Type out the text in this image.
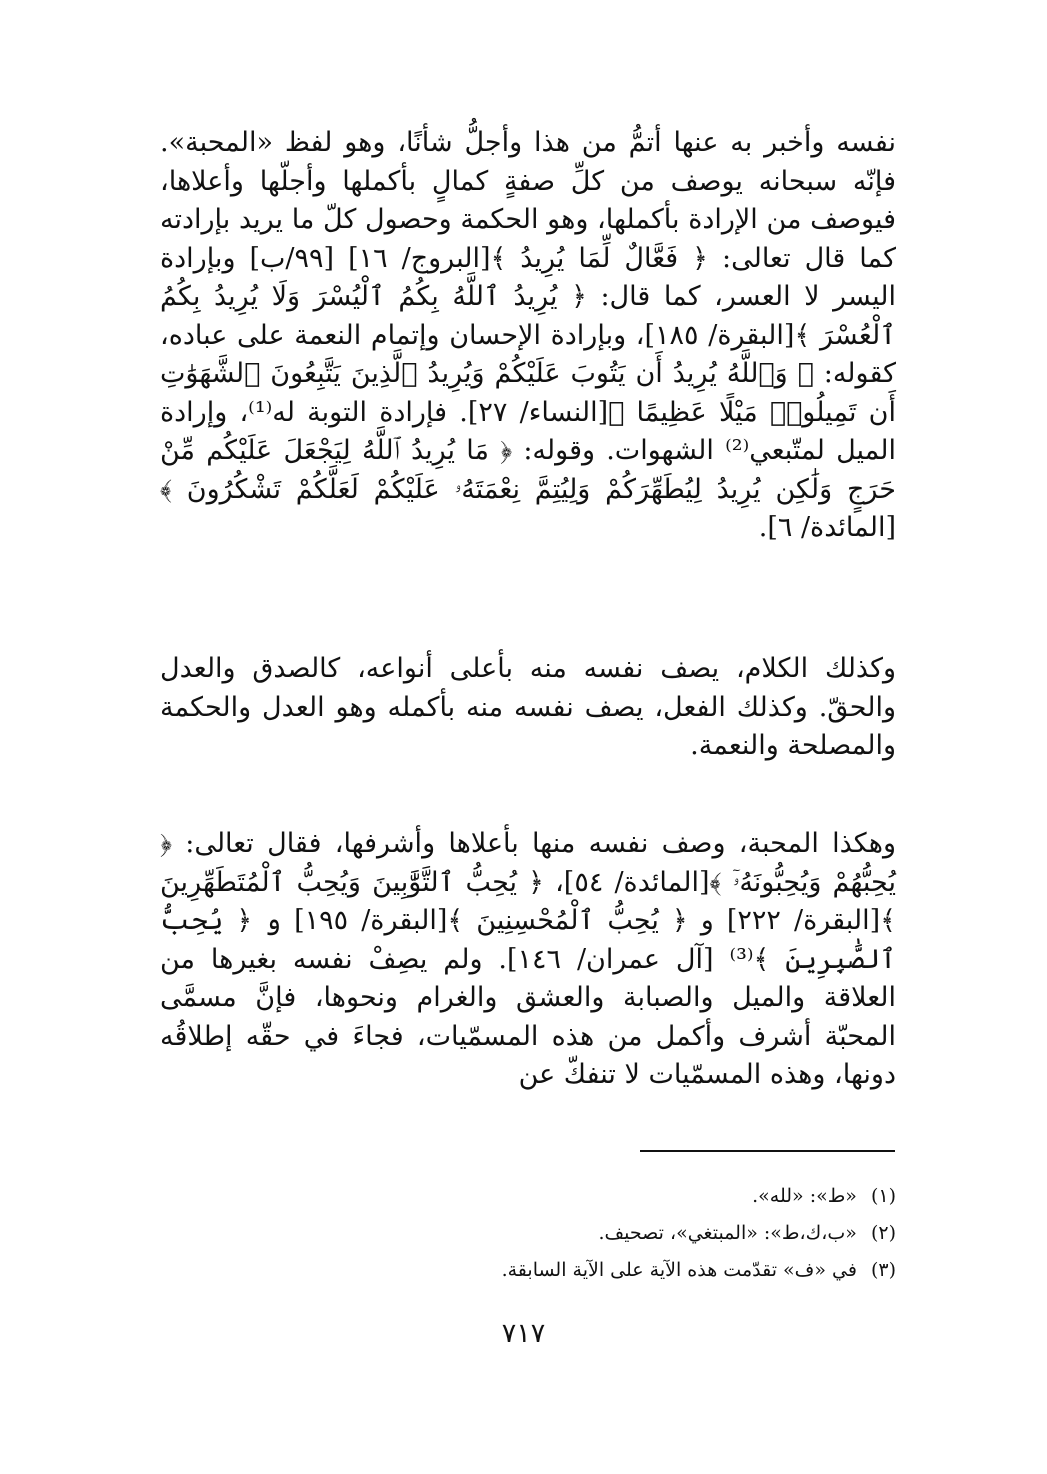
نفسه وأخبر به عنها أتمُّ من هذا وأجلُّ شأنًا، وهو لفظ «المحبة». فإنّه سبحانه يوصف من كلِّ صفةٍ كمالٍ بأكملها وأجلّها وأعلاها، فيوصف من الإرادة بأكملها، وهو الحكمة وحصول كلّ ما يريد بإرادته كما قال تعالى: ﴿ فَعَّالٌ لِّمَا يُرِيدُ ﴾[البروج/ ١٦] [٩٩/ب] وبإرادة اليسر لا العسر، كما قال: ﴿ يُرِيدُ ٱللَّهُ بِكُمُ ٱلْيُسْرَ وَلَا يُرِيدُ بِكُمُ ٱلْعُسْرَ ﴾[البقرة/ ١٨٥]، وبإرادة الإحسان وإتمام النعمة على عباده، كقوله: ﴿ وَٱللَّهُ يُرِيدُ أَن يَتُوبَ عَلَيْكُمْ وَيُرِيدُ ٱلَّذِينَ يَتَّبِعُونَ ٱلشَّهَوَٰتِ أَن تَمِيلُوا۟ مَيْلًا عَظِيمًا ﴾[النساء/ ٢٧]. فإرادة التوبة له⁽¹⁾، وإرادة الميل لمتّبعي⁽²⁾ الشهوات. وقوله: ﴿ مَا يُرِيدُ ٱللَّهُ لِيَجْعَلَ عَلَيْكُم مِّنْ حَرَجٍ وَلَٰكِن يُرِيدُ لِيُطَهِّرَكُمْ وَلِيُتِمَّ نِعْمَتَهُۥ عَلَيْكُمْ لَعَلَّكُمْ تَشْكُرُونَ ﴾[المائدة/ ٦].

وكذلك الكلام، يصف نفسه منه بأعلى أنواعه، كالصدق والعدل والحقّ. وكذلك الفعل، يصف نفسه منه بأكمله وهو العدل والحكمة والمصلحة والنعمة.

وهكذا المحبة، وصف نفسه منها بأعلاها وأشرفها، فقال تعالى: ﴿ يُحِبُّهُمْ وَيُحِبُّونَهُۥٓ ﴾[المائدة/ ٥٤]، ﴿ يُحِبُّ ٱلتَّوَّٰبِينَ وَيُحِبُّ ٱلْمُتَطَهِّرِينَ ﴾[البقرة/ ٢٢٢] و ﴿ يُحِبُّ ٱلْمُحْسِنِينَ ﴾[البقرة/ ١٩٥] و ﴿ يُحِبُّ ٱلصَّٰبِرِينَ ﴾⁽³⁾ [آل عمران/ ١٤٦]. ولم يصِفْ نفسه بغيرها من العلاقة والميل والصبابة والعشق والغرام ونحوها، فإنَّ مسمَّى المحبّة أشرف وأكمل من هذه المسمّيات، فجاءَ في حقّه إطلاقُه دونها، وهذه المسمّيات لا تنفكّ عن

(١)«ط»: «لله».

(٢)«ب،ك،ط»: «المبتغي»، تصحيف.

(٣)في «ف» تقدّمت هذه الآية على الآية السابقة.

٧١٧
